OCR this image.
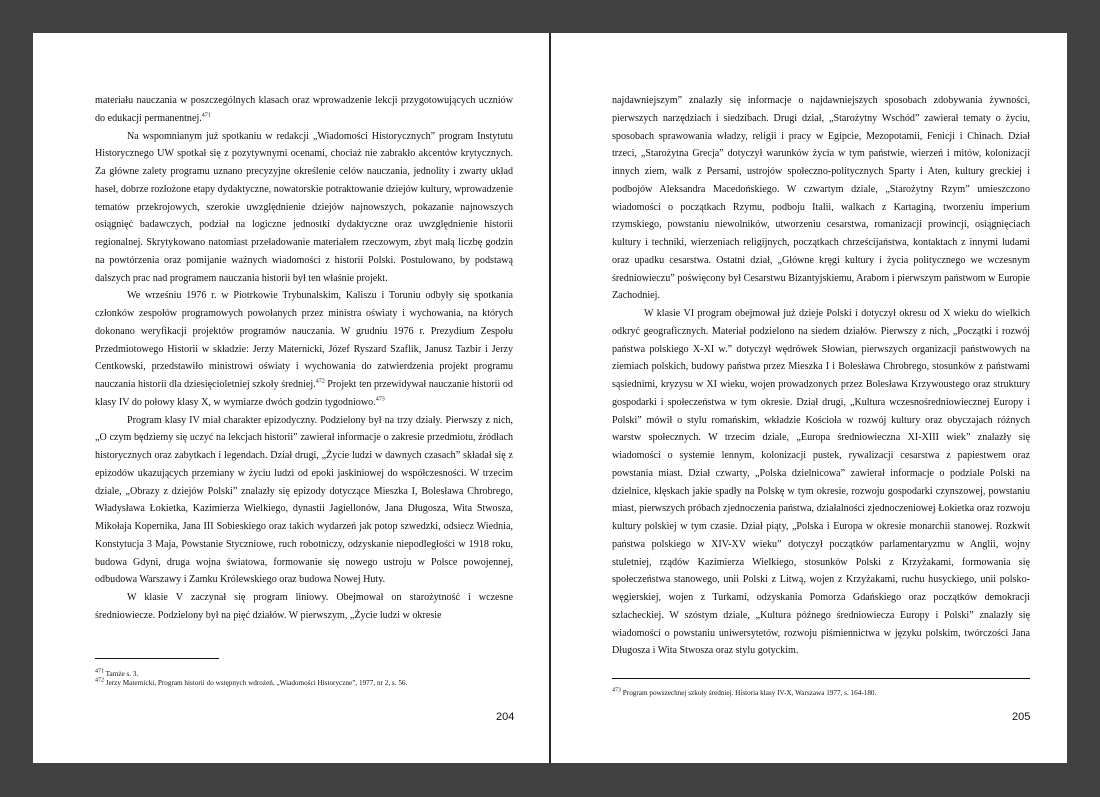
materiału nauczania w poszczególnych klasach oraz wprowadzenie lekcji przygotowujących uczniów do edukacji permanentnej.$^{471}$

Na wspomnianym już spotkaniu w redakcji „Wiadomości Historycznych” program Instytutu Historycznego UW spotkał się z pozytywnymi ocenami, chociaż nie zabrakło akcentów krytycznych. Za główne zalety programu uznano precyzyjne określenie celów nauczania, jednolity i zwarty układ haseł, dobrze rozłożone etapy dydaktyczne, nowatorskie potraktowanie dziejów kultury, wprowadzenie tematów przekrojowych, szerokie uwzględnienie dziejów najnowszych, pokazanie najnowszych osiągnięć badawczych, podział na logiczne jednostki dydaktyczne oraz uwzględnienie historii regionalnej. Skrytykowano natomiast przeładowanie materiałem rzeczowym, zbyt małą liczbę godzin na powtórzenia oraz pomijanie ważnych wiadomości z historii Polski. Postulowano, by podstawą dalszych prac nad programem nauczania historii był ten właśnie projekt.

We wrześniu 1976 r. w Piotrkowie Trybunalskim, Kaliszu i Toruniu odbyły się spotkania członków zespołów programowych powołanych przez ministra oświaty i wychowania, na których dokonano weryfikacji projektów programów nauczania. W grudniu 1976 r. Prezydium Zespołu Przedmiotowego Historii w składzie: Jerzy Maternicki, Józef Ryszard Szaflik, Janusz Tazbir i Jerzy Centkowski, przedstawiło ministrowi oświaty i wychowania do zatwierdzenia projekt programu nauczania historii dla dziesięcioletniej szkoły średniej.$^{472}$ Projekt ten przewidywał nauczanie historii od klasy IV do połowy klasy X, w wymiarze dwóch godzin tygodniowo.$^{473}$

Program klasy IV miał charakter epizodyczny. Podzielony był na trzy działy. Pierwszy z nich, „O czym będziemy się uczyć na lekcjach historii” zawierał informacje o zakresie przedmiotu, źródłach historycznych oraz zabytkach i legendach. Dział drugi, „Życie ludzi w dawnych czasach” składał się z epizodów ukazujących przemiany w życiu ludzi od epoki jaskiniowej do współczesności. W trzecim dziale, „Obrazy z dziejów Polski” znalazły się epizody dotyczące Mieszka I, Bolesława Chrobrego, Władysława Łokietka, Kazimierza Wielkiego, dynastii Jagiellonów, Jana Długosza, Wita Stwosza, Mikołaja Kopernika, Jana III Sobieskiego oraz takich wydarzeń jak potop szwedzki, odsiecz Wiednia, Konstytucja 3 Maja, Powstanie Styczniowe, ruch robotniczy, odzyskanie niepodległości w 1918 roku, budowa Gdyni, druga wojna światowa, formowanie się nowego ustroju w Polsce powojennej, odbudowa Warszawy i Zamku Królewskiego oraz budowa Nowej Huty.

W klasie V zaczynał się program liniowy. Obejmował on starożytność i wczesne średniowiecze. Podzielony był na pięć działów. W pierwszym, „Życie ludzi w okresie

$^{471}$ Tamże s. 3.
$^{472}$ Jerzy Maternicki, Program historii do wstępnych wdrożeń, „Wiadomości Historyczne”, 1977, nr 2, s. 56.
204

najdawniejszym” znalazły się informacje o najdawniejszych sposobach zdobywania żywności, pierwszych narzędziach i siedzibach. Drugi dział, „Starożytny Wschód” zawierał tematy o życiu, sposobach sprawowania władzy, religii i pracy w Egipcie, Mezopotamii, Fenicji i Chinach. Dział trzeci, „Starożytna Grecja” dotyczył warunków życia w tym państwie, wierzeń i mitów, kolonizacji innych ziem, walk z Persami, ustrojów społeczno-politycznych Sparty i Aten, kultury greckiej i podbojów Aleksandra Macedońskiego. W czwartym dziale, „Starożytny Rzym” umieszczono wiadomości o początkach Rzymu, podboju Italii, walkach z Kartaginą, tworzeniu imperium rzymskiego, powstaniu niewolników, utworzeniu cesarstwa, romanizacji prowincji, osiągnięciach kultury i techniki, wierzeniach religijnych, początkach chrześcijaństwa, kontaktach z innymi ludami oraz upadku cesarstwa. Ostatni dział, „Główne kręgi kultury i życia politycznego we wczesnym średniowieczu” poświęcony był Cesarstwu Bizantyjskiemu, Arabom i pierwszym państwom w Europie Zachodniej.

W klasie VI program obejmował już dzieje Polski i dotyczył okresu od X wieku do wielkich odkryć geograficznych. Materiał podzielono na siedem działów. Pierwszy z nich, „Początki i rozwój państwa polskiego X-XI w.” dotyczył wędrówek Słowian, pierwszych organizacji państwowych na ziemiach polskich, budowy państwa przez Mieszka I i Bolesława Chrobrego, stosunków z państwami sąsiednimi, kryzysu w XI wieku, wojen prowadzonych przez Bolesława Krzywoustego oraz struktury gospodarki i społeczeństwa w tym okresie. Dział drugi, „Kultura wczesnośredniowiecznej Europy i Polski” mówił o stylu romańskim, wkładzie Kościoła w rozwój kultury oraz obyczajach różnych warstw społecznych. W trzecim dziale, „Europa średniowieczna XI-XIII wiek” znalazły się wiadomości o systemie lennym, kolonizacji pustek, rywalizacji cesarstwa z papiestwem oraz powstania miast. Dział czwarty, „Polska dzielnicowa” zawierał informacje o podziale Polski na dzielnice, klęskach jakie spadły na Polskę w tym okresie, rozwoju gospodarki czynszowej, powstaniu miast, pierwszych próbach zjednoczenia państwa, działalności zjednoczeniowej Łokietka oraz rozwoju kultury polskiej w tym czasie. Dział piąty, „Polska i Europa w okresie monarchii stanowej. Rozkwit państwa polskiego w XIV-XV wieku” dotyczył początków parlamentaryzmu w Anglii, wojny stuletniej, rządów Kazimierza Wielkiego, stosunków Polski z Krzyżakami, formowania się społeczeństwa stanowego, unii Polski z Litwą, wojen z Krzyżakami, ruchu husyckiego, unii polsko-węgierskiej, wojen z Turkami, odzyskania Pomorza Gdańskiego oraz początków demokracji szlacheckiej. W szóstym dziale, „Kultura późnego średniowiecza Europy i Polski” znalazły się wiadomości o powstaniu uniwersytetów, rozwoju piśmiennictwa w języku polskim, twórczości Jana Długosza i Wita Stwosza oraz stylu gotyckim.

$^{473}$ Program powszechnej szkoły średniej. Historia klasy IV-X, Warszawa 1977, s. 164-180.
205
